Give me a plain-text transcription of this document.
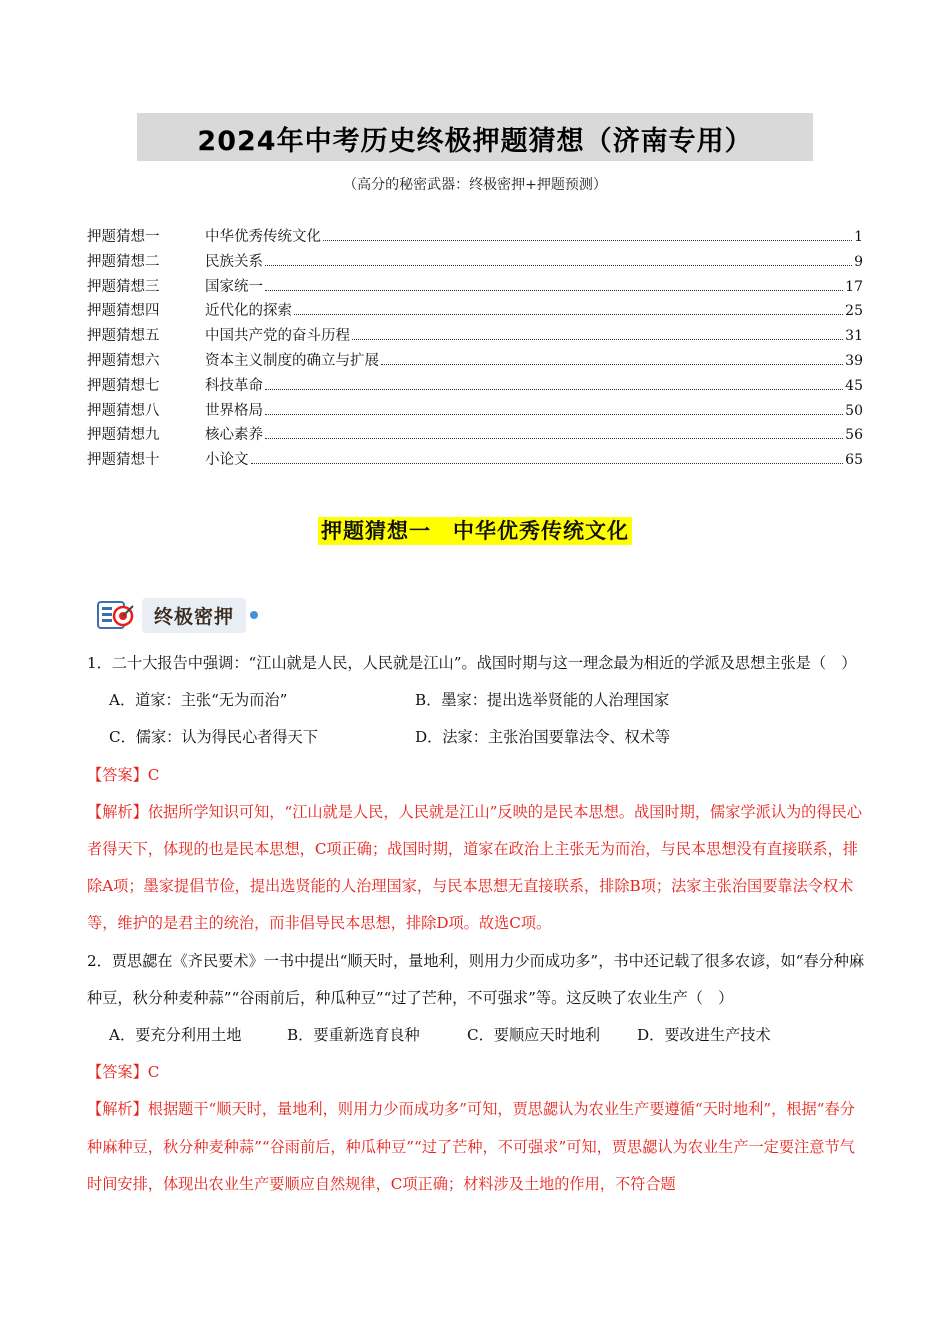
2024年中考历史终极押题猜想（济南专用）
（高分的秘密武器：终极密押+押题预测）
押题猜想一	中华优秀传统文化	1
押题猜想二	民族关系	9
押题猜想三	国家统一	17
押题猜想四	近代化的探索	25
押题猜想五	中国共产党的奋斗历程	31
押题猜想六	资本主义制度的确立与扩展	39
押题猜想七	科技革命	45
押题猜想八	世界格局	50
押题猜想九	核心素养	56
押题猜想十	小论文	65
押题猜想一　中华优秀传统文化
终极密押

1．二十大报告中强调：“江山就是人民，人民就是江山”。战国时期与这一理念最为相近的学派及思想主张是（　）

A．道家：主张“无为而治”	B．墨家：提出选举贤能的人治理国家
C．儒家：认为得民心者得天下	D．法家：主张治国要靠法令、权术等

【答案】C

【解析】依据所学知识可知，“江山就是人民，人民就是江山”反映的是民本思想。战国时期，儒家学派认为的得民心者得天下，体现的也是民本思想，C项正确；战国时期，道家在政治上主张无为而治，与民本思想没有直接联系，排除A项；墨家提倡节俭，提出选贤能的人治理国家，与民本思想无直接联系，排除B项；法家主张治国要靠法令权术等，维护的是君主的统治，而非倡导民本思想，排除D项。故选C项。

2．贾思勰在《齐民要术》一书中提出“顺天时，量地利，则用力少而成功多”，书中还记载了很多农谚，如“春分种麻种豆，秋分种麦种蒜”“谷雨前后，种瓜种豆”“过了芒种，不可强求”等。这反映了农业生产（　）

A．要充分利用土地	B．要重新选育良种	C．要顺应天时地利	D．要改进生产技术

【答案】C

【解析】根据题干“顺天时，量地利，则用力少而成功多”可知，贾思勰认为农业生产要遵循“天时地利”，根据“春分种麻种豆，秋分种麦种蒜”“谷雨前后，种瓜种豆”“过了芒种，不可强求”可知，贾思勰认为农业生产一定要注意节气时间安排，体现出农业生产要顺应自然规律，C项正确；材料涉及土地的作用，不符合题
